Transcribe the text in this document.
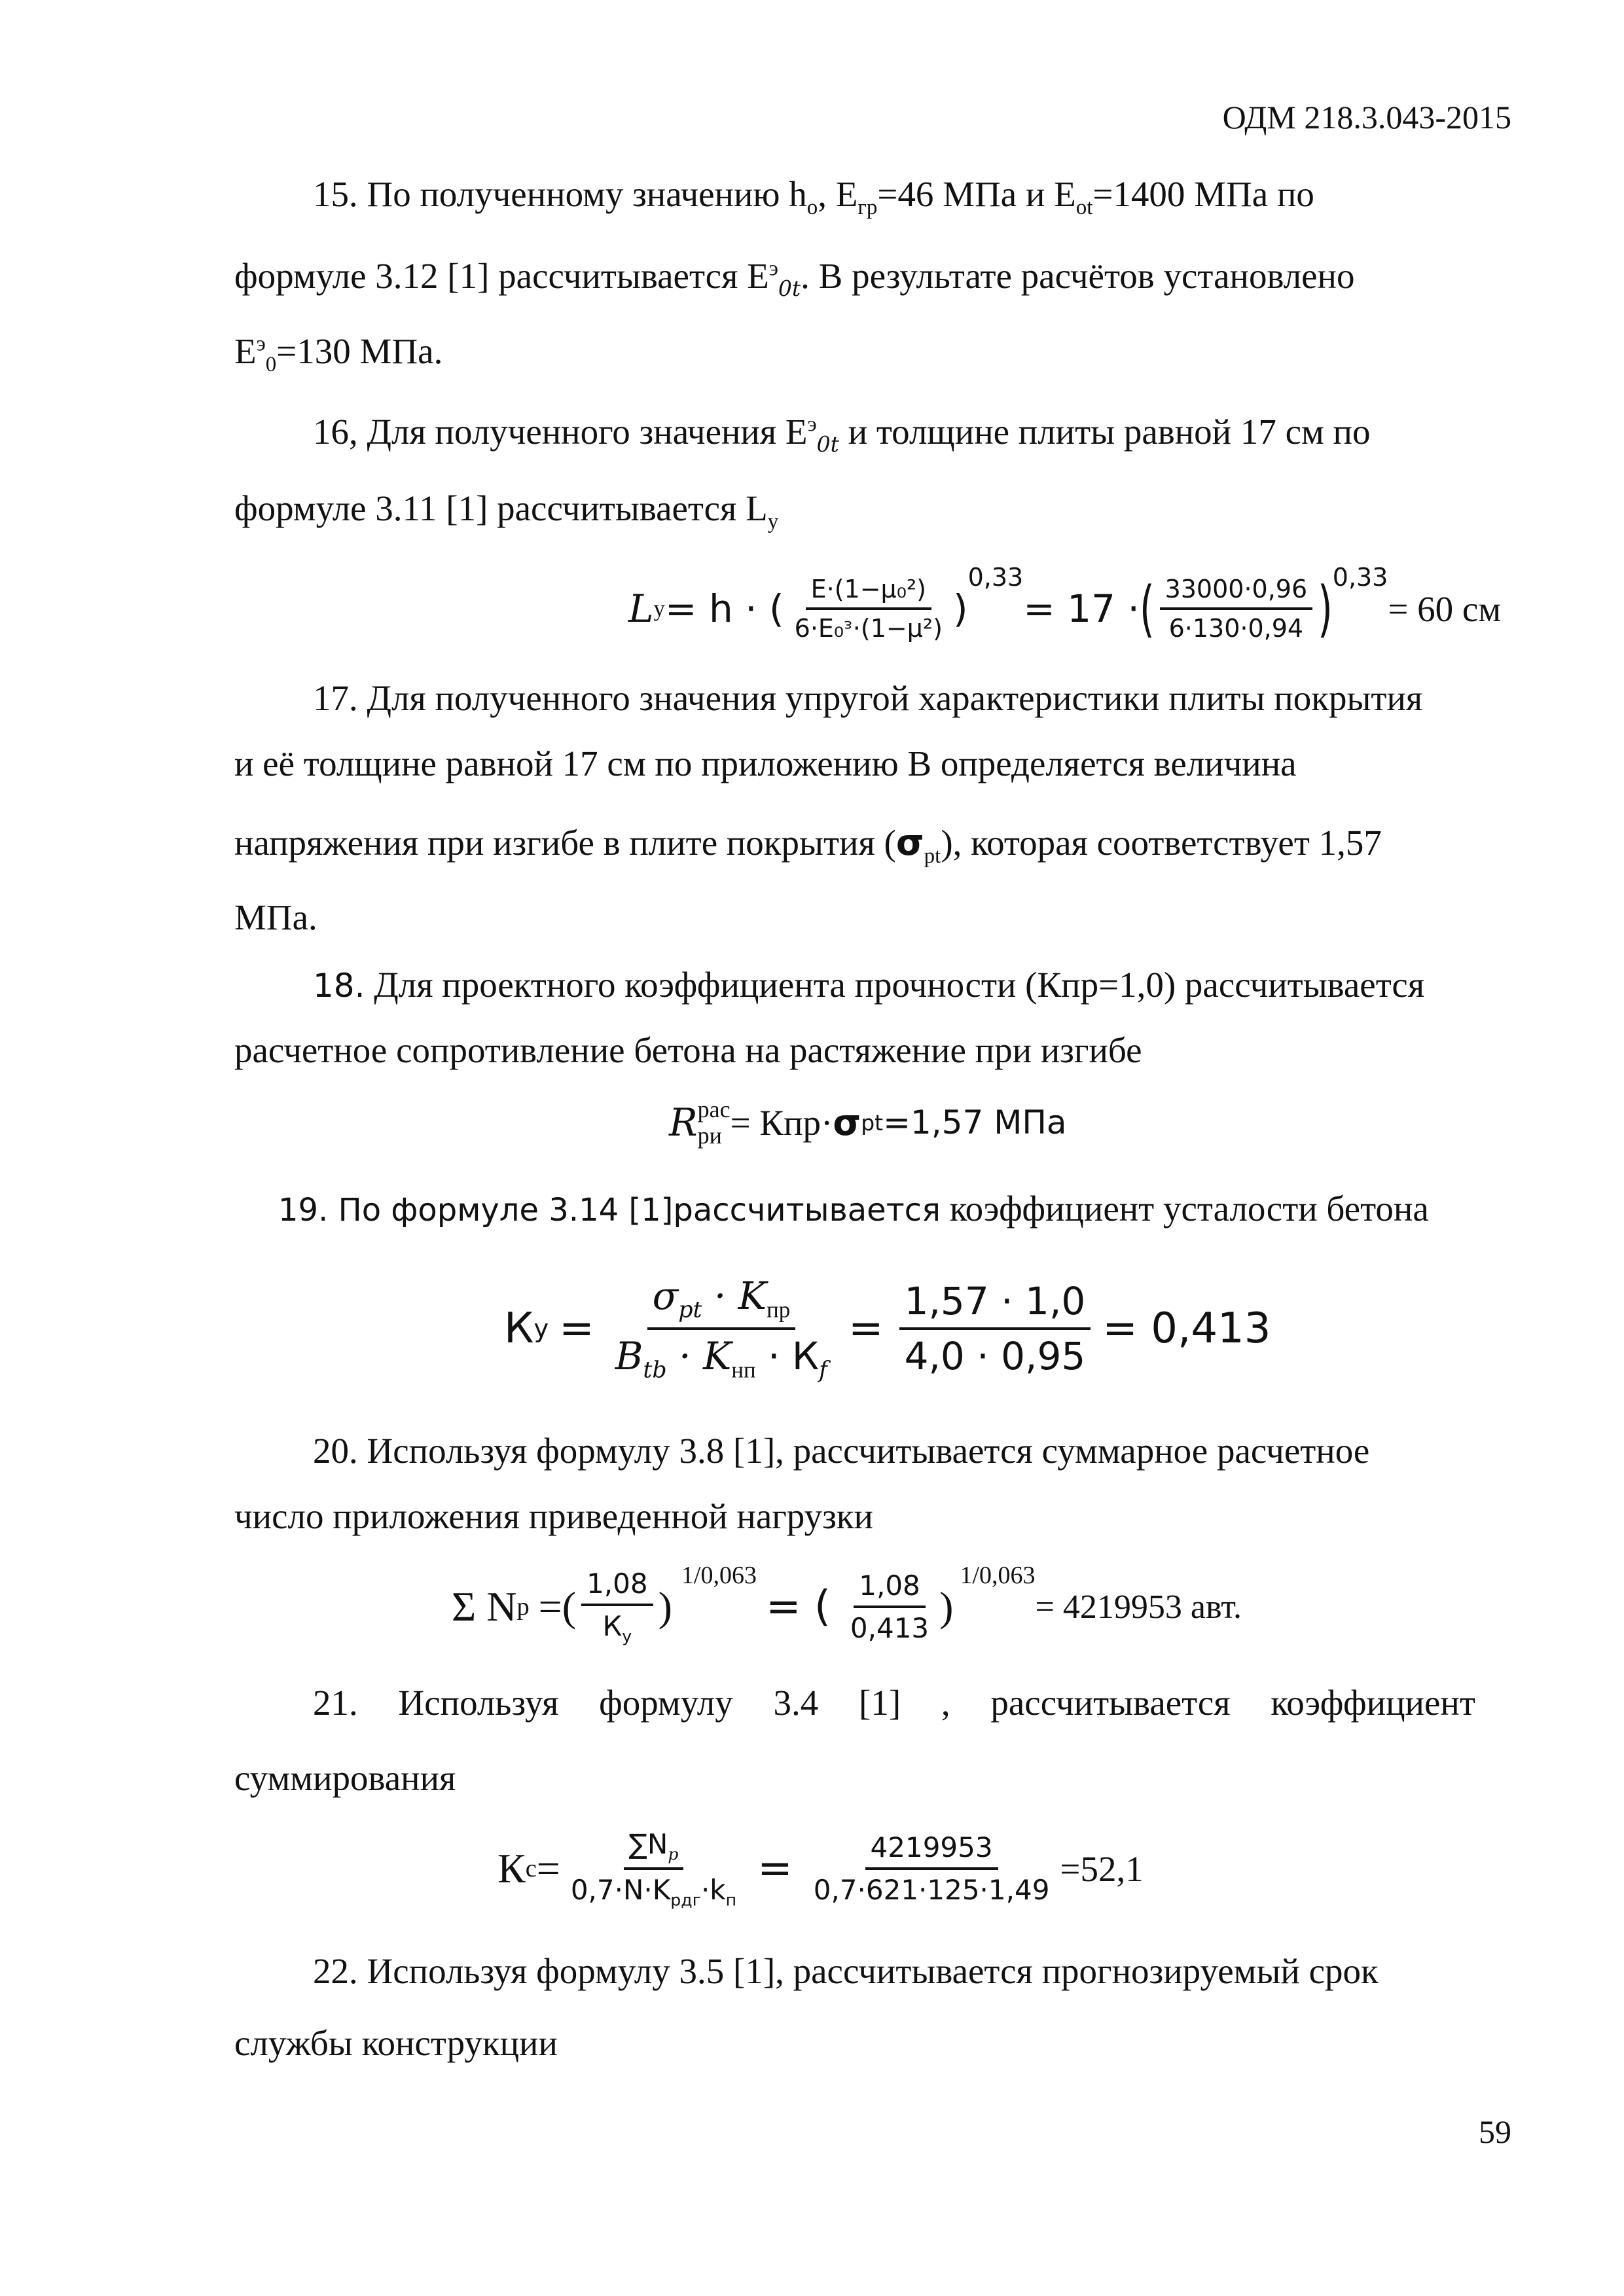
ОДМ 218.3.043-2015
15. По полученному значению $h_o$, $E_{гр}=46$ МПа и $E_{ot}=1400$ МПа по
формуле 3.12 [1] рассчитывается $E^э_{0t}$. В результате расчётов установлено
$E^э_0=130$ МПа.
16, Для полученного значения $E^э_{0t}$ и толщине плиты равной 17 см по
формуле 3.11 [1] рассчитывается $L_у$
L у = h · ( $\frac{\text{E·(1−μ₀²)}}{\text{6·E₀ᵌ·(1−μ²)}}$ )
$^{0,33}$
= 17 · ( $\frac{33000\cdot 0,96}{6\cdot 130\cdot 0,94} )^{0,33}$
= 60 см
17. Для полученного значения упругой характеристики плиты покрытия
и её толщине равной 17 см по приложению В определяется величина
напряжения при изгибе в плите покрытия $(\sigma_{pt})$, которая соответствует 1,57
МПа.
18. Для проектного коэффициента прочности (Кпр=1,0) рассчитывается
расчетное сопротивление бетона на растяжение при изгибе
R рас
ри = Кпр· σ pt =1,57 МПа
19. По формуле 3.14 [1]рассчитывается коэффициент усталости бетона
К $у = \frac{\sigma_{pt} \cdot K_{пр}}{B_{tb} \cdot K_{нп} \cdot К_f} = \frac{1,57 \cdot 1,0}{4,0 \cdot 0,95} = 0,413$
20. Используя формулу 3.8 [1], рассчитывается суммарное расчетное
число приложения приведенной нагрузки
Σ N р =( $\frac{1,08}{К_у}$ )
$^{1/0,063}$
= ( $\frac{1,08}{0,413}$ )
$^{1/0,063}$
= 4219953 авт.
21. Используя формулу 3.4 [1] , рассчитывается коэффициент
суммирования
К $с = \frac{\sum N_p}{0,7\cdot N\cdot K_{рдг}\cdot k_п} = \frac{4219953}{0,7\cdot 621\cdot 125\cdot 1,49} =52,1$
22. Используя формулу 3.5 [1], рассчитывается прогнозируемый срок
службы конструкции
59
